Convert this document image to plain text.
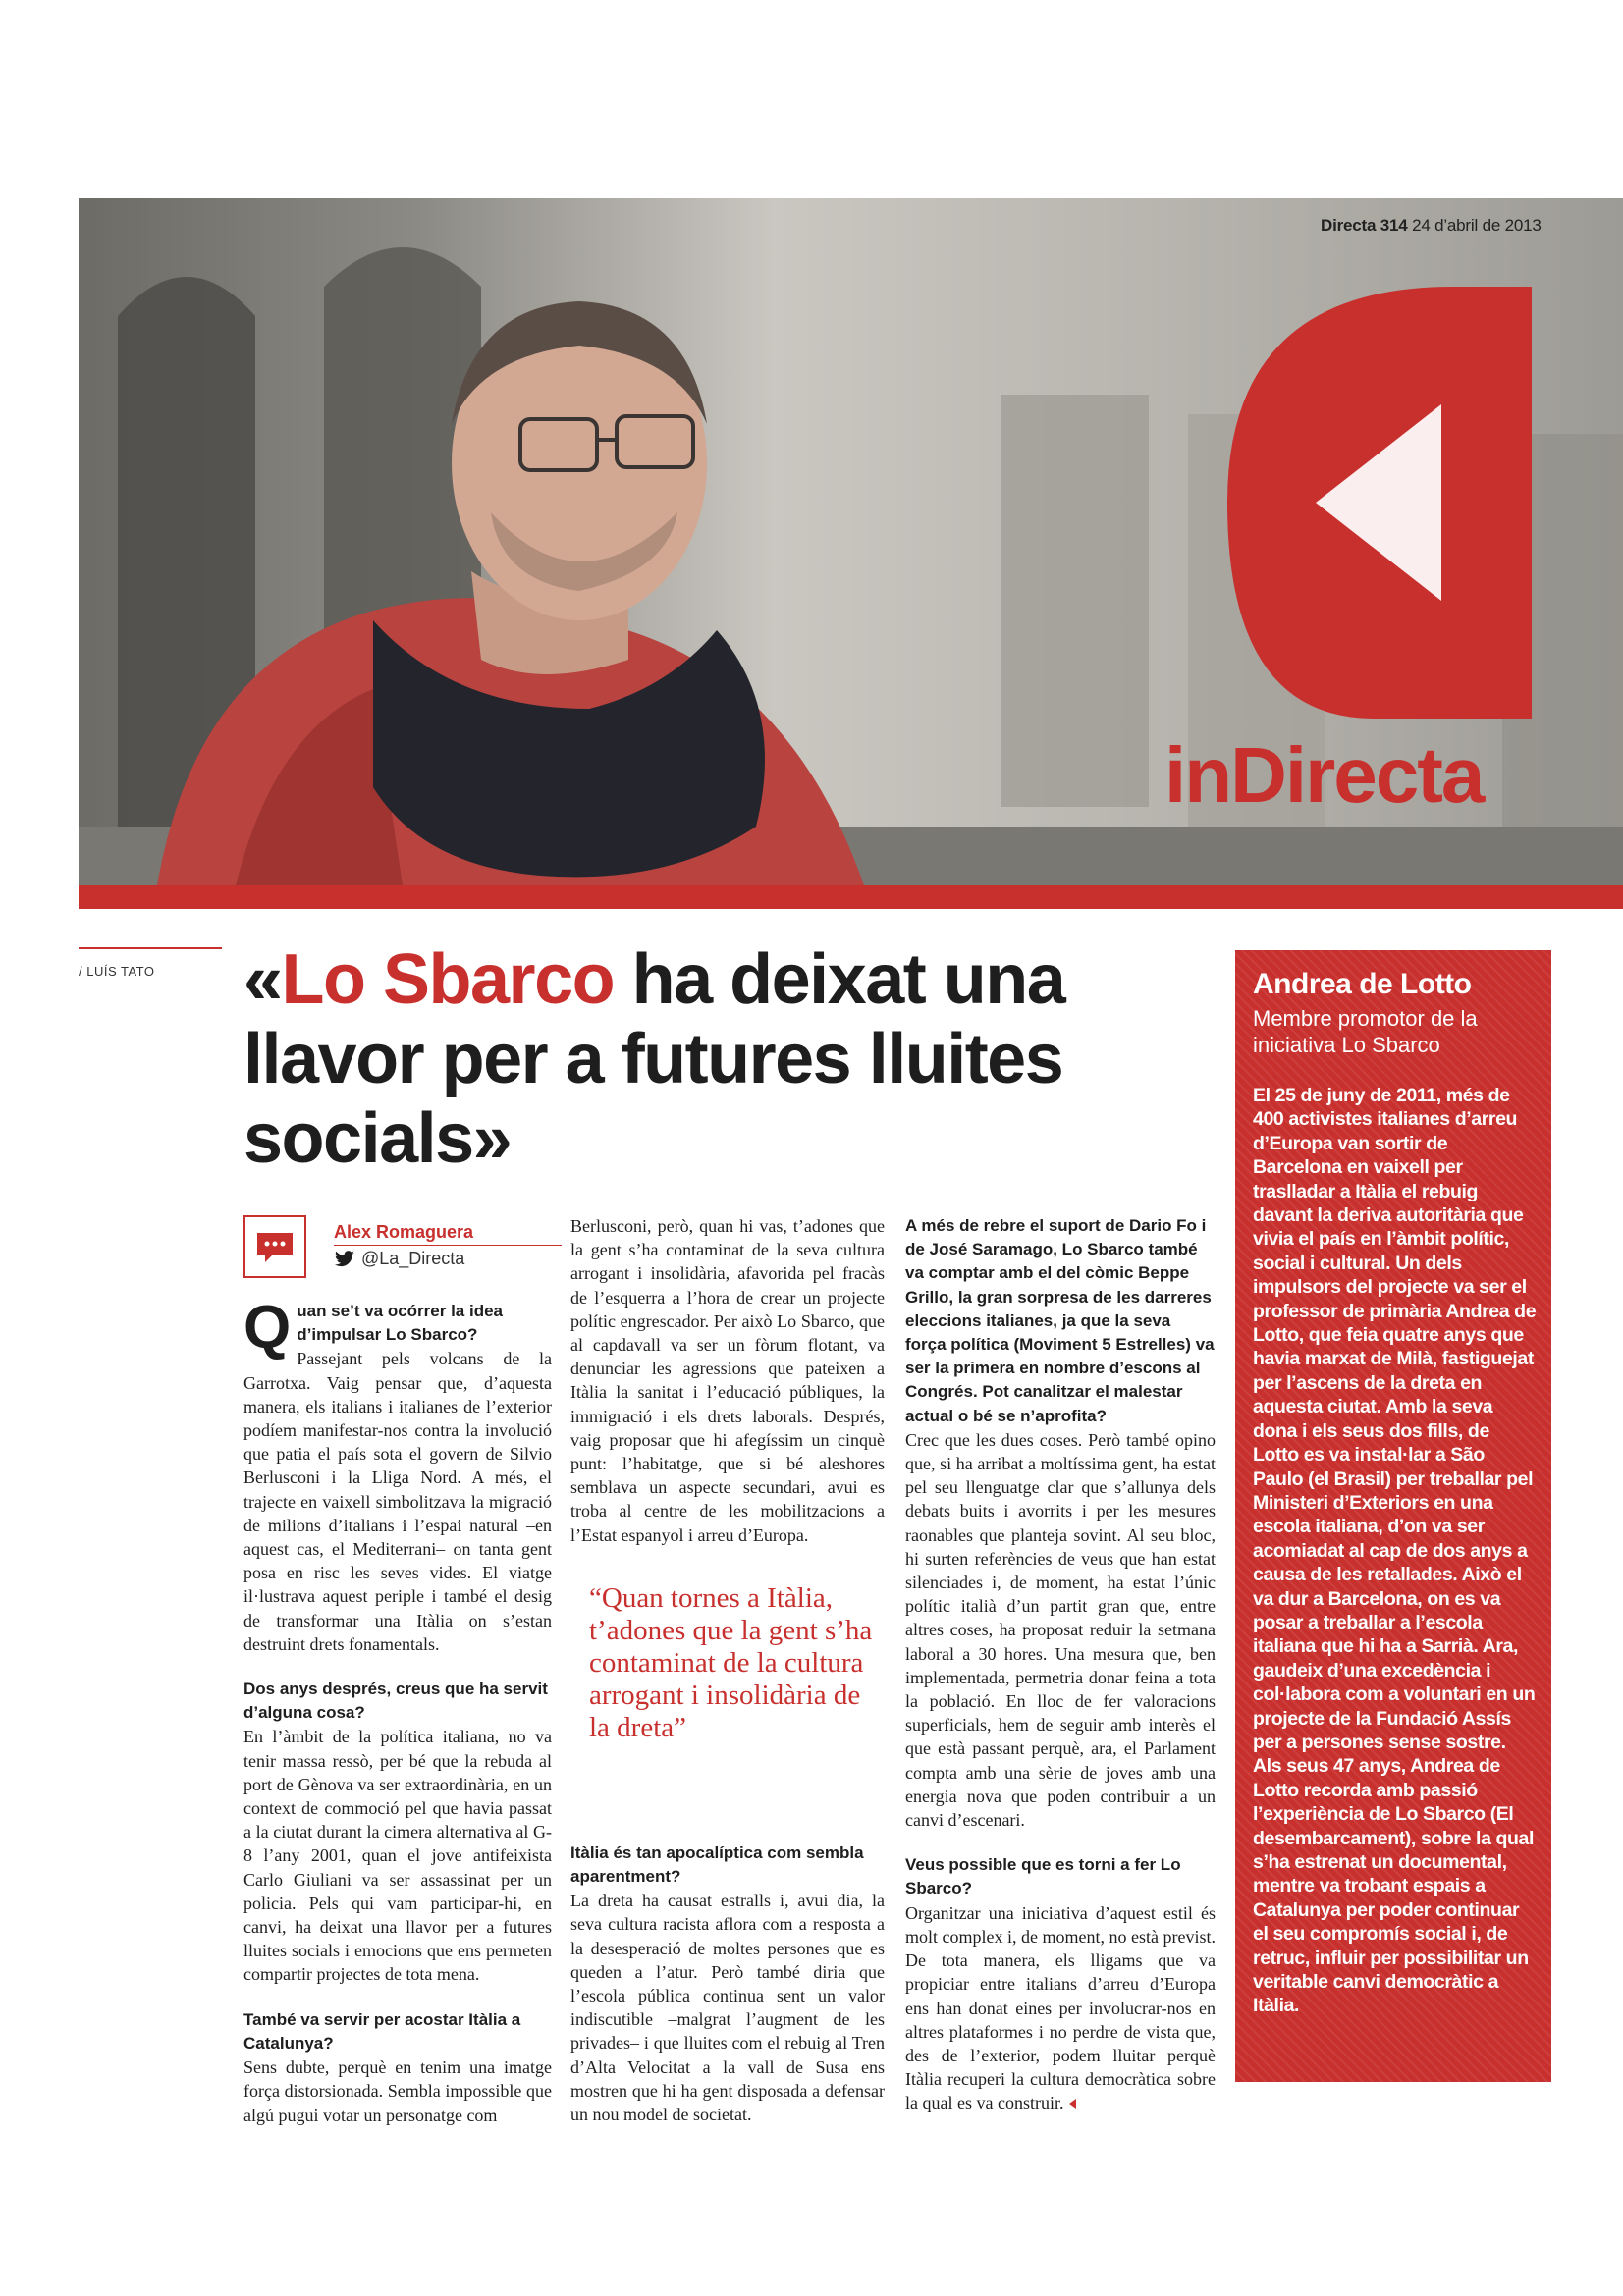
Directa 314 24 d’abril de 2013
inDirecta
/ LUÍS TATO «Lo Sbarco ha deixat una llavor per a futures lluites socials»
Alex Romaguera
@La_Directa

Quan se’t va ocórrer la idea d’impulsar Lo Sbarco?

Passejant pels volcans de la Garrotxa. Vaig pensar que, d’aquesta manera, els italians i italianes de l’exterior podíem manifestar-nos contra la involució que patia el país sota el govern de Silvio Berlusconi i la Lliga Nord. A més, el trajecte en vaixell simbolitzava la migració de milions d’italians i l’espai natural –en aquest cas, el Mediterrani– on tanta gent posa en risc les seves vides. El viatge il·lustrava aquest periple i també el desig de transformar una Itàlia on s’estan destruint drets fonamentals.

Dos anys després, creus que ha servit d’alguna cosa?

En l’àmbit de la política italiana, no va tenir massa ressò, per bé que la rebuda al port de Gènova va ser extraordinària, en un context de commoció pel que havia passat a la ciutat durant la cimera alternativa al G-8 l’any 2001, quan el jove antifeixista Carlo Giuliani va ser assassinat per un policia. Pels qui vam participar-hi, en canvi, ha deixat una llavor per a futures lluites socials i emocions que ens permeten compartir projectes de tota mena.

També va servir per acostar Itàlia a Catalunya?

Sens dubte, perquè en tenim una imatge força distorsionada. Sembla impossible que algú pugui votar un personatge com

Berlusconi, però, quan hi vas, t’adones que la gent s’ha contaminat de la seva cultura arrogant i insolidària, afavorida pel fracàs de l’esquerra a l’hora de crear un projecte polític engrescador. Per això Lo Sbarco, que al capdavall va ser un fòrum flotant, va denunciar les agressions que pateixen a Itàlia la sanitat i l’educació públiques, la immigració i els drets laborals. Després, vaig proposar que hi afegíssim un cinquè punt: l’habitatge, que si bé aleshores semblava un aspecte secundari, avui es troba al centre de les mobilitzacions a l’Estat espanyol i arreu d’Europa.

Itàlia és tan apocalíptica com sembla aparentment?

La dreta ha causat estralls i, avui dia, la seva cultura racista aflora com a resposta a la desesperació de moltes persones que es queden a l’atur. Però també diria que l’escola pública continua sent un valor indiscutible –malgrat l’augment de les privades– i que lluites com el rebuig al Tren d’Alta Velocitat a la vall de Susa ens mostren que hi ha gent disposada a defensar un nou model de societat.

“Quan tornes a Itàlia, t’adones que la gent s’ha contaminat de la cultura arrogant i insolidària de la dreta”

A més de rebre el suport de Dario Fo i de José Saramago, Lo Sbarco també va comptar amb el del còmic Beppe Grillo, la gran sorpresa de les darreres eleccions italianes, ja que la seva força política (Moviment 5 Estrelles) va ser la primera en nombre d’escons al Congrés. Pot canalitzar el malestar actual o bé se n’aprofita?

Crec que les dues coses. Però també opino que, si ha arribat a moltíssima gent, ha estat pel seu llenguatge clar que s’allunya dels debats buits i avorrits i per les mesures raonables que planteja sovint. Al seu bloc, hi surten referències de veus que han estat silenciades i, de moment, ha estat l’únic polític italià d’un partit gran que, entre altres coses, ha proposat reduir la setmana laboral a 30 hores. Una mesura que, ben implementada, permetria donar feina a tota la població. En lloc de fer valoracions superficials, hem de seguir amb interès el que està passant perquè, ara, el Parlament compta amb una sèrie de joves amb una energia nova que poden contribuir a un canvi d’escenari.

Veus possible que es torni a fer Lo Sbarco?

Organitzar una iniciativa d’aquest estil és molt complex i, de moment, no està previst. De tota manera, els lligams que va propiciar entre italians d’arreu d’Europa ens han donat eines per involucrar-nos en altres plataformes i no perdre de vista que, des de l’exterior, podem lluitar perquè Itàlia recuperi la cultura democràtica sobre la qual es va construir.

Andrea de Lotto
Membre promotor de la iniciativa Lo Sbarco
El 25 de juny de 2011, més de 400 activistes italianes d’arreu d’Europa van sortir de Barcelona en vaixell per traslladar a Itàlia el rebuig davant la deriva autoritària que vivia el país en l’àmbit polític, social i cultural. Un dels impulsors del projecte va ser el professor de primària Andrea de Lotto, que feia quatre anys que havia marxat de Milà, fastiguejat per l’ascens de la dreta en aquesta ciutat. Amb la seva dona i els seus dos fills, de Lotto es va instal·lar a São Paulo (el Brasil) per treballar pel Ministeri d’Exteriors en una escola italiana, d’on va ser acomiadat al cap de dos anys a causa de les retallades. Això el va dur a Barcelona, on es va posar a treballar a l’escola italiana que hi ha a Sarrià. Ara, gaudeix d’una excedència i col·labora com a voluntari en un projecte de la Fundació Assís per a persones sense sostre. Als seus 47 anys, Andrea de Lotto recorda amb passió l’experiència de Lo Sbarco (El desembarcament), sobre la qual s’ha estrenat un documental, mentre va trobant espais a Catalunya per poder continuar el seu compromís social i, de retruc, influir per possibilitar un veritable canvi democràtic a Itàlia.
